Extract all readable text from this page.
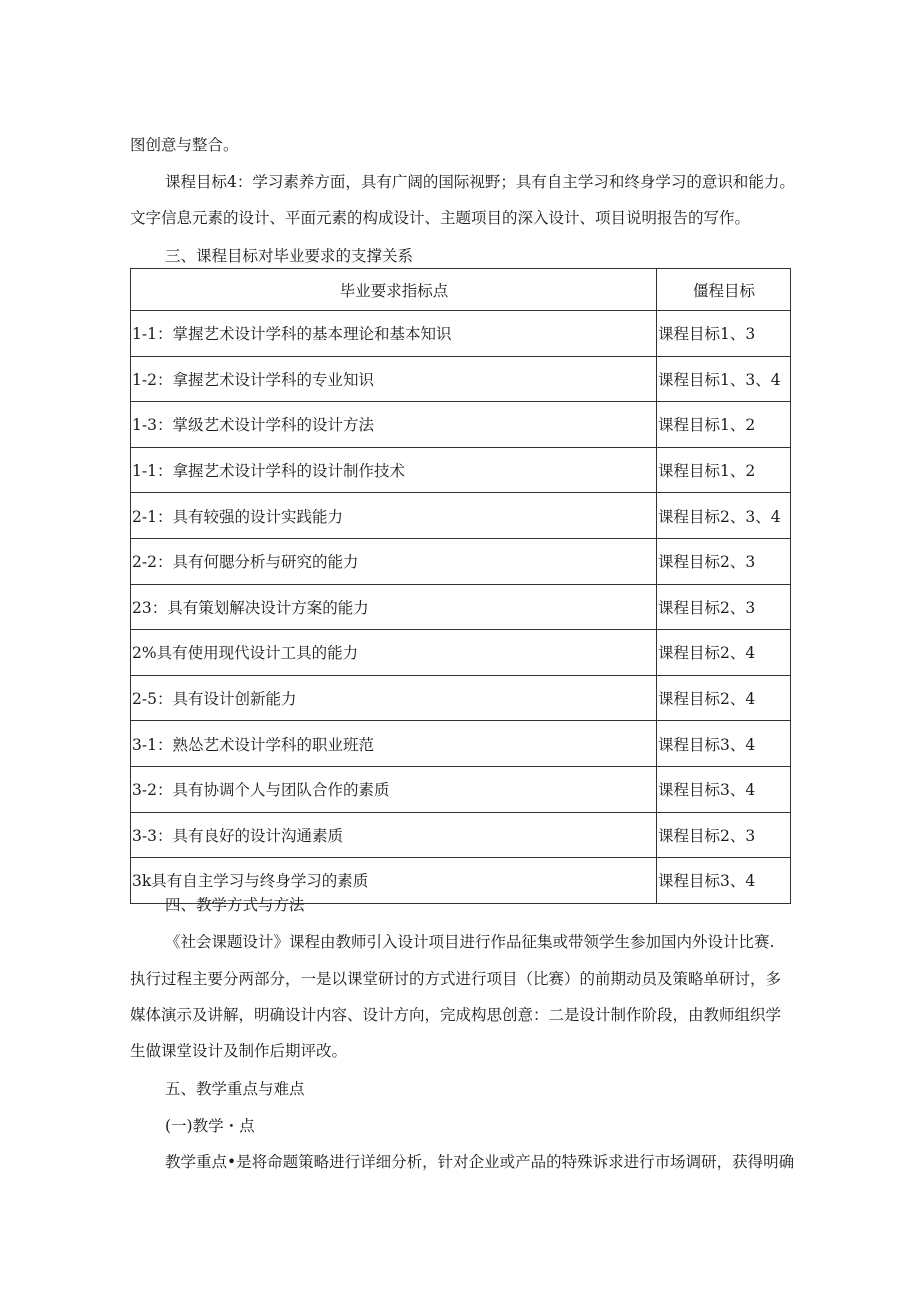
图创意与整合。
课程目标4：学习素养方面，具有广阔的国际视野；具有自主学习和终身学习的意识和能力。
文字信息元素的设计、平面元素的构成设计、主题项目的深入设计、项目说明报告的写作。
三、课程目标对毕业要求的支撑关系
毕业要求指标点	僵程目标
1-1：掌握艺术设计学科的基本理论和基本知识	课程目标1、3
1-2：拿握艺术设计学科的专业知识	课程目标1、3、4
1-3：掌级艺术设计学科的设计方法	课程目标1、2
1-1：拿握艺术设计学科的设计制作技术	课程目标1、2
2-1：具有较强的设计实践能力	课程目标2、3、4
2-2：具有何腮分析与研究的能力	课程目标2、3
23：具有策划解决设计方案的能力	课程目标2、3
2%具有使用现代设计工具的能力	课程目标2、4
2-5：具有设计创新能力	课程目标2、4
3-1：熟怂艺术设计学科的职业班范	课程目标3、4
3-2：具有协调个人与团队合作的素质	课程目标3、4
3-3：具有良好的设计沟通素质	课程目标2、3
3k具有自主学习与终身学习的素质	课程目标3、4
四、教学方式与方法
《社会课题设计》课程由教师引入设计项目进行作品征集或带领学生参加国内外设计比赛.
执行过程主要分两部分，一是以课堂研讨的方式进行项目（比赛）的前期动员及策略单研讨，多
媒体演示及讲解，明确设计内容、设计方向，完成构思创意：二是设计制作阶段，由教师组织学
生做课堂设计及制作后期评改。
五、教学重点与难点
(一)教学・点
教学重点•是将命题策略进行详细分析，针对企业或产品的特殊诉求进行市场调研，获得明确
